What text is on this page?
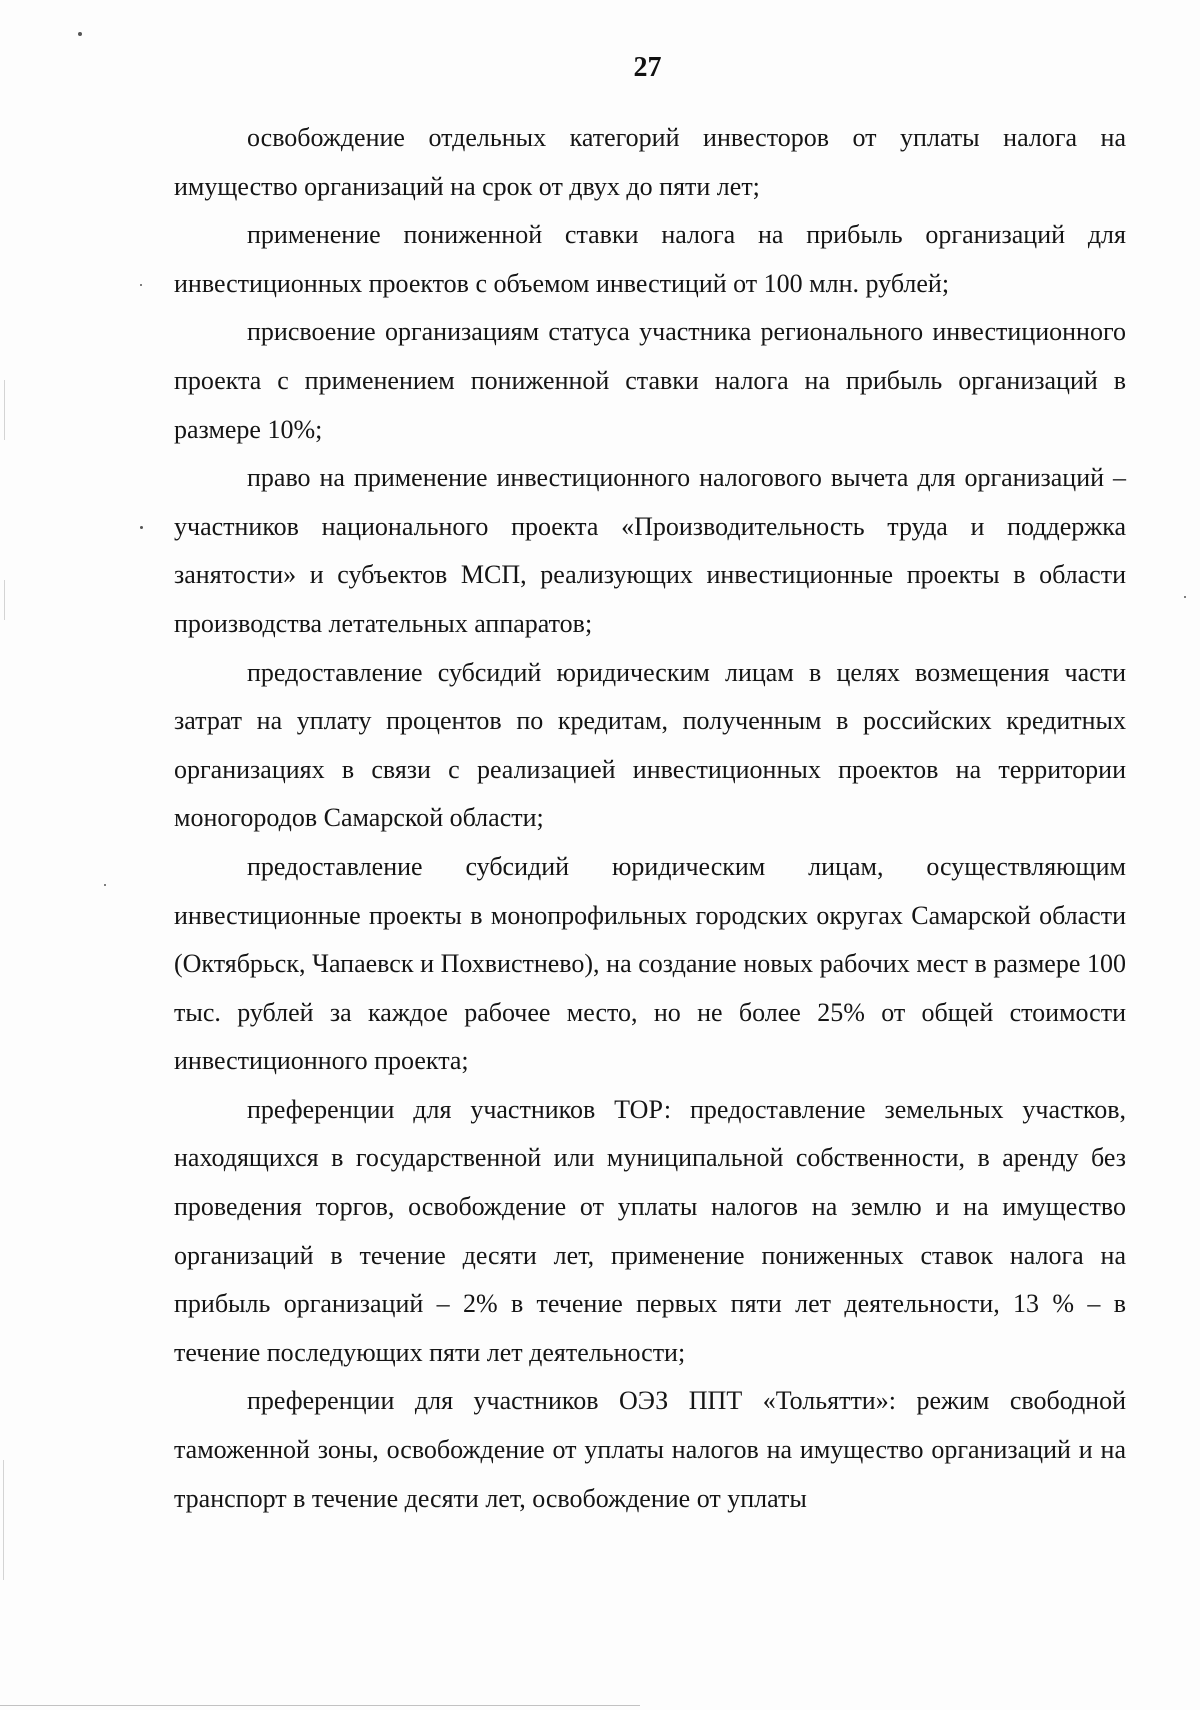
27

освобождение отдельных категорий инвесторов от уплаты налога на имущество организаций на срок от двух до пяти лет;

применение пониженной ставки налога на прибыль организаций для инвестиционных проектов с объемом инвестиций от 100 млн. рублей;

присвоение организациям статуса участника регионального инвестиционного проекта с применением пониженной ставки налога на прибыль организаций в размере 10%;

право на применение инвестиционного налогового вычета для организаций – участников национального проекта «Производительность труда и поддержка занятости» и субъектов МСП, реализующих инвестиционные проекты в области производства летательных аппаратов;

предоставление субсидий юридическим лицам в целях возмещения части затрат на уплату процентов по кредитам, полученным в российских кредитных организациях в связи с реализацией инвестиционных проектов на территории моногородов Самарской области;

предоставление субсидий юридическим лицам, осуществляющим инвестиционные проекты в монопрофильных городских округах Самарской области (Октябрьск, Чапаевск и Похвистнево), на создание новых рабочих мест в размере 100 тыс. рублей за каждое рабочее место, но не более 25% от общей стоимости инвестиционного проекта;

преференции для участников ТОР: предоставление земельных участков, находящихся в государственной или муниципальной собственности, в аренду без проведения торгов, освобождение от уплаты налогов на землю и на имущество организаций в течение десяти лет, применение пониженных ставок налога на прибыль организаций – 2% в течение первых пяти лет деятельности, 13 % – в течение последующих пяти лет деятельности;

преференции для участников ОЭЗ ППТ «Тольятти»: режим свободной таможенной зоны, освобождение от уплаты налогов на имущество организаций и на транспорт в течение десяти лет, освобождение от уплаты
